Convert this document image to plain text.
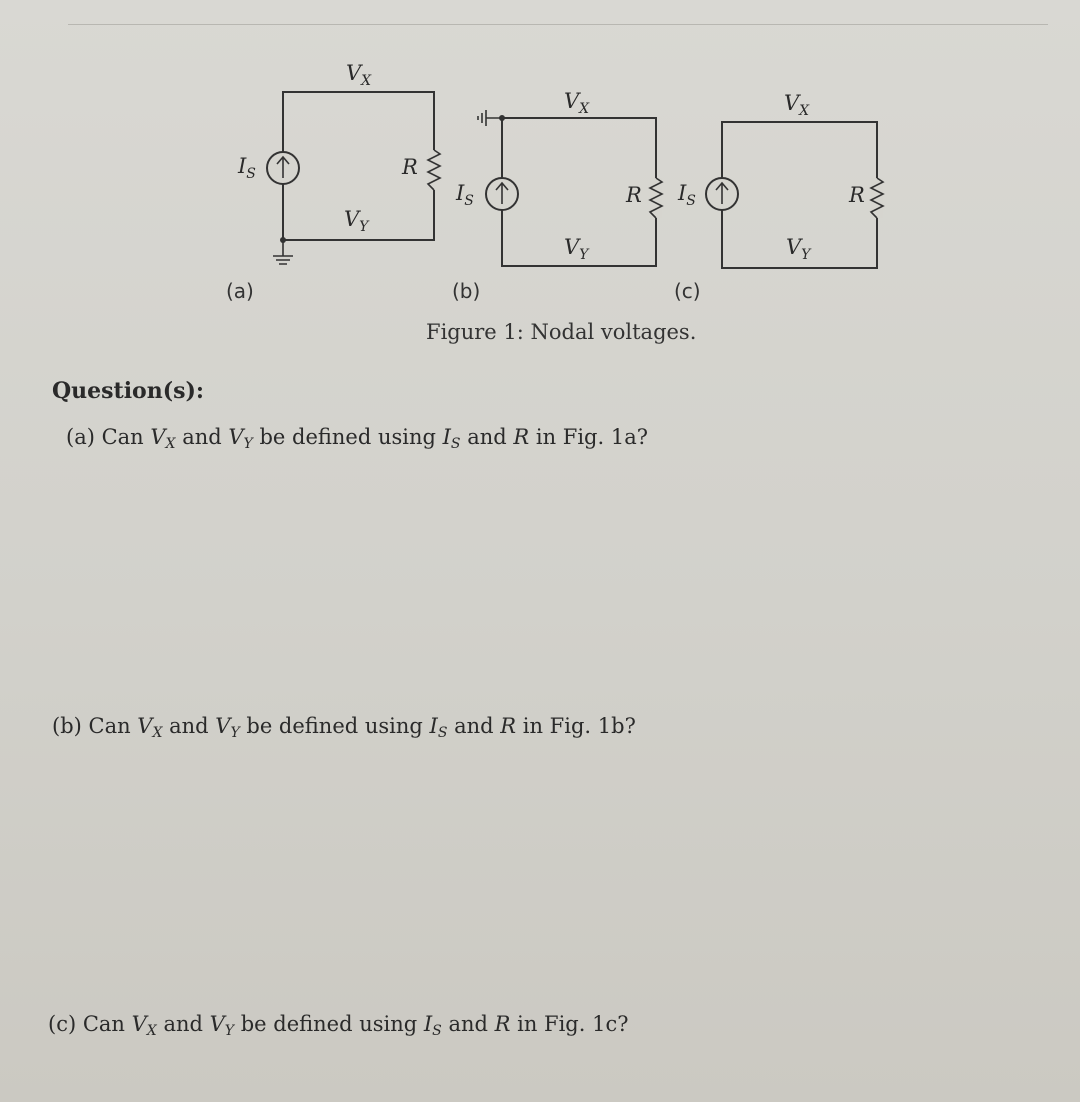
$V_X$
$V_Y$
$I_S$	R
(a)
$V_X$
$V_Y$
$I_S$	R
(b)
$V_X$
$V_Y$
$I_S$	R
(c)
Figure 1: Nodal voltages.
Question(s):
(a) Can $V_X$ and $V_Y$ be defined using $I_S$ and R in Fig. 1a?
(b) Can $V_X$ and $V_Y$ be defined using $I_S$ and R in Fig. 1b?
(c) Can $V_X$ and $V_Y$ be defined using $I_S$ and R in Fig. 1c?
